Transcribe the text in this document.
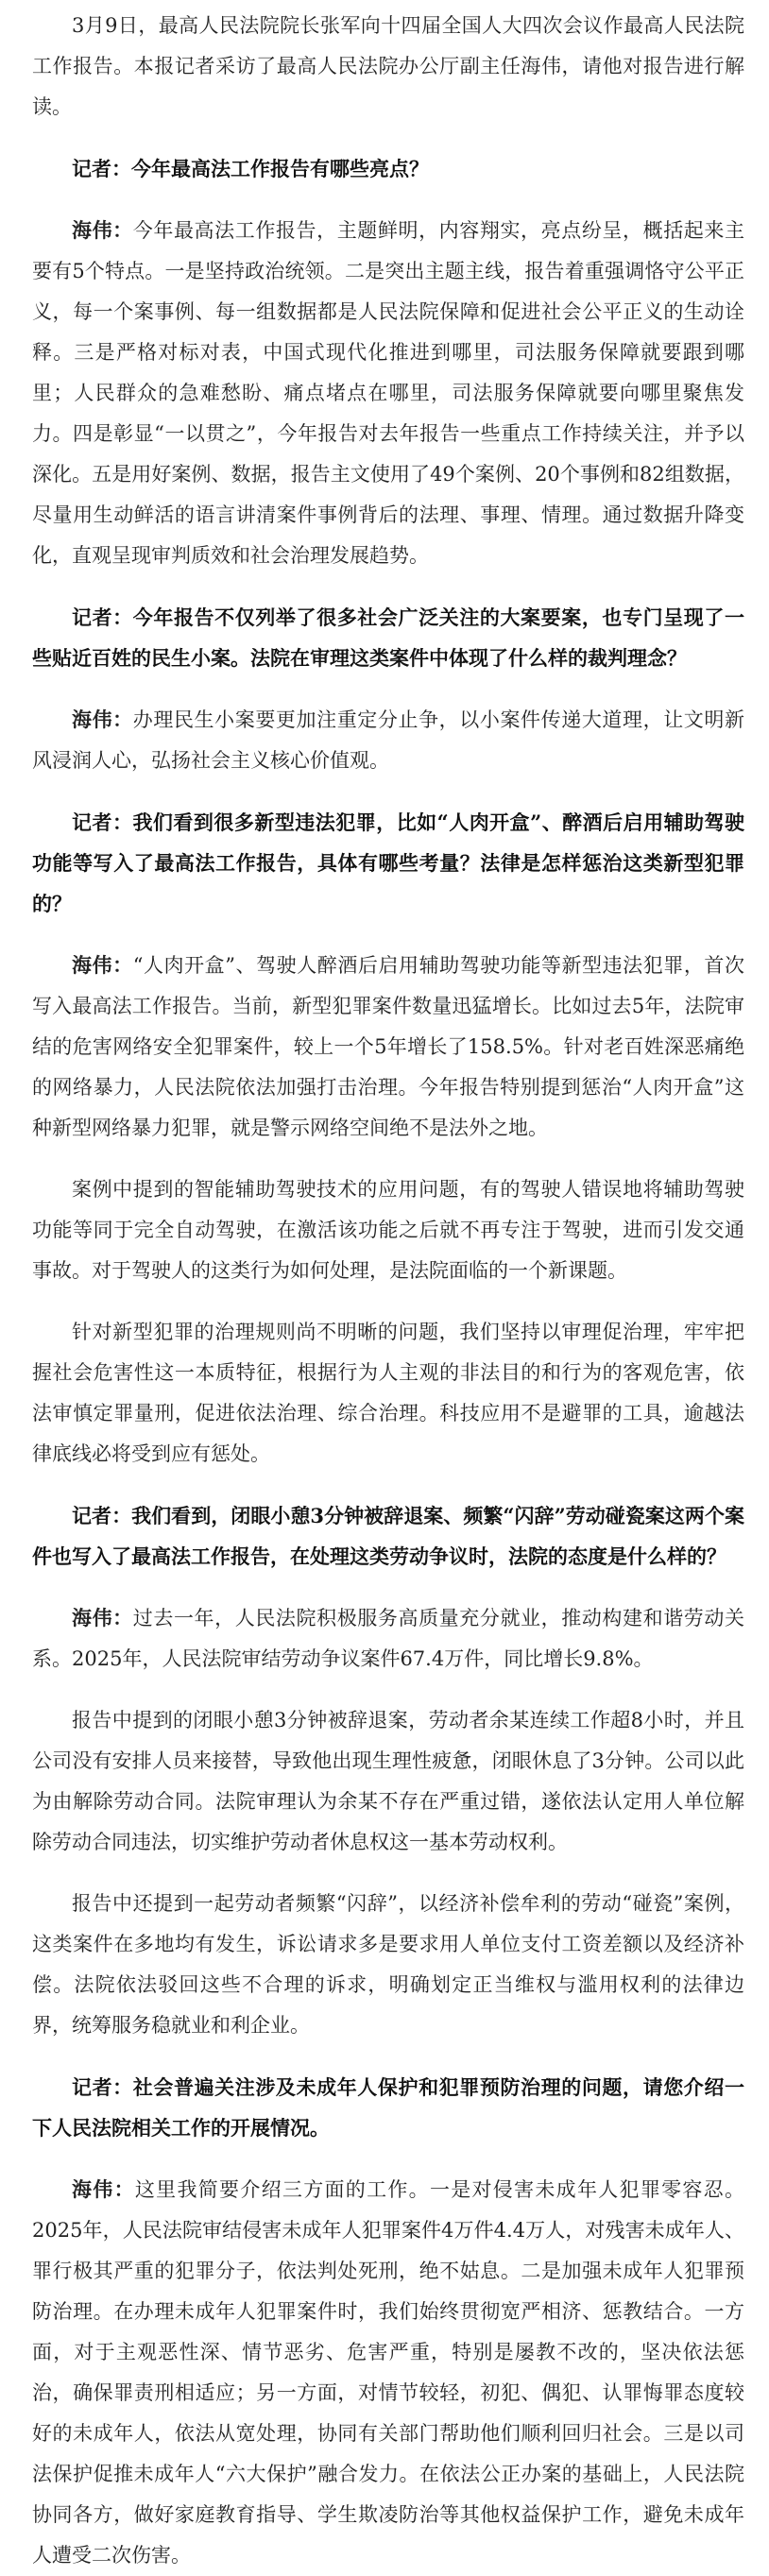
3月9日，最高人民法院院长张军向十四届全国人大四次会议作最高人民法院工作报告。本报记者采访了最高人民法院办公厅副主任海伟，请他对报告进行解读。

记者：今年最高法工作报告有哪些亮点？

海伟：今年最高法工作报告，主题鲜明，内容翔实，亮点纷呈，概括起来主要有5个特点。一是坚持政治统领。二是突出主题主线，报告着重强调恪守公平正义，每一个案事例、每一组数据都是人民法院保障和促进社会公平正义的生动诠释。三是严格对标对表，中国式现代化推进到哪里，司法服务保障就要跟到哪里；人民群众的急难愁盼、痛点堵点在哪里，司法服务保障就要向哪里聚焦发力。四是彰显“一以贯之”，今年报告对去年报告一些重点工作持续关注，并予以深化。五是用好案例、数据，报告主文使用了49个案例、20个事例和82组数据，尽量用生动鲜活的语言讲清案件事例背后的法理、事理、情理。通过数据升降变化，直观呈现审判质效和社会治理发展趋势。

记者：今年报告不仅列举了很多社会广泛关注的大案要案，也专门呈现了一些贴近百姓的民生小案。法院在审理这类案件中体现了什么样的裁判理念？

海伟：办理民生小案要更加注重定分止争，以小案件传递大道理，让文明新风浸润人心，弘扬社会主义核心价值观。

记者：我们看到很多新型违法犯罪，比如“人肉开盒”、醉酒后启用辅助驾驶功能等写入了最高法工作报告，具体有哪些考量？法律是怎样惩治这类新型犯罪的？

海伟：“人肉开盒”、驾驶人醉酒后启用辅助驾驶功能等新型违法犯罪，首次写入最高法工作报告。当前，新型犯罪案件数量迅猛增长。比如过去5年，法院审结的危害网络安全犯罪案件，较上一个5年增长了158.5%。针对老百姓深恶痛绝的网络暴力，人民法院依法加强打击治理。今年报告特别提到惩治“人肉开盒”这种新型网络暴力犯罪，就是警示网络空间绝不是法外之地。

案例中提到的智能辅助驾驶技术的应用问题，有的驾驶人错误地将辅助驾驶功能等同于完全自动驾驶，在激活该功能之后就不再专注于驾驶，进而引发交通事故。对于驾驶人的这类行为如何处理，是法院面临的一个新课题。

针对新型犯罪的治理规则尚不明晰的问题，我们坚持以审理促治理，牢牢把握社会危害性这一本质特征，根据行为人主观的非法目的和行为的客观危害，依法审慎定罪量刑，促进依法治理、综合治理。科技应用不是避罪的工具，逾越法律底线必将受到应有惩处。

记者：我们看到，闭眼小憩3分钟被辞退案、频繁“闪辞”劳动碰瓷案这两个案件也写入了最高法工作报告，在处理这类劳动争议时，法院的态度是什么样的？

海伟：过去一年，人民法院积极服务高质量充分就业，推动构建和谐劳动关系。2025年，人民法院审结劳动争议案件67.4万件，同比增长9.8%。

报告中提到的闭眼小憩3分钟被辞退案，劳动者余某连续工作超8小时，并且公司没有安排人员来接替，导致他出现生理性疲惫，闭眼休息了3分钟。公司以此为由解除劳动合同。法院审理认为余某不存在严重过错，遂依法认定用人单位解除劳动合同违法，切实维护劳动者休息权这一基本劳动权利。

报告中还提到一起劳动者频繁“闪辞”，以经济补偿牟利的劳动“碰瓷”案例，这类案件在多地均有发生，诉讼请求多是要求用人单位支付工资差额以及经济补偿。法院依法驳回这些不合理的诉求，明确划定正当维权与滥用权利的法律边界，统筹服务稳就业和利企业。

记者：社会普遍关注涉及未成年人保护和犯罪预防治理的问题，请您介绍一下人民法院相关工作的开展情况。

海伟：这里我简要介绍三方面的工作。一是对侵害未成年人犯罪零容忍。2025年，人民法院审结侵害未成年人犯罪案件4万件4.4万人，对残害未成年人、罪行极其严重的犯罪分子，依法判处死刑，绝不姑息。二是加强未成年人犯罪预防治理。在办理未成年人犯罪案件时，我们始终贯彻宽严相济、惩教结合。一方面，对于主观恶性深、情节恶劣、危害严重，特别是屡教不改的，坚决依法惩治，确保罪责刑相适应；另一方面，对情节较轻，初犯、偶犯、认罪悔罪态度较好的未成年人，依法从宽处理，协同有关部门帮助他们顺利回归社会。三是以司法保护促推未成年人“六大保护”融合发力。在依法公正办案的基础上，人民法院协同各方，做好家庭教育指导、学生欺凌防治等其他权益保护工作，避免未成年人遭受二次伤害。
